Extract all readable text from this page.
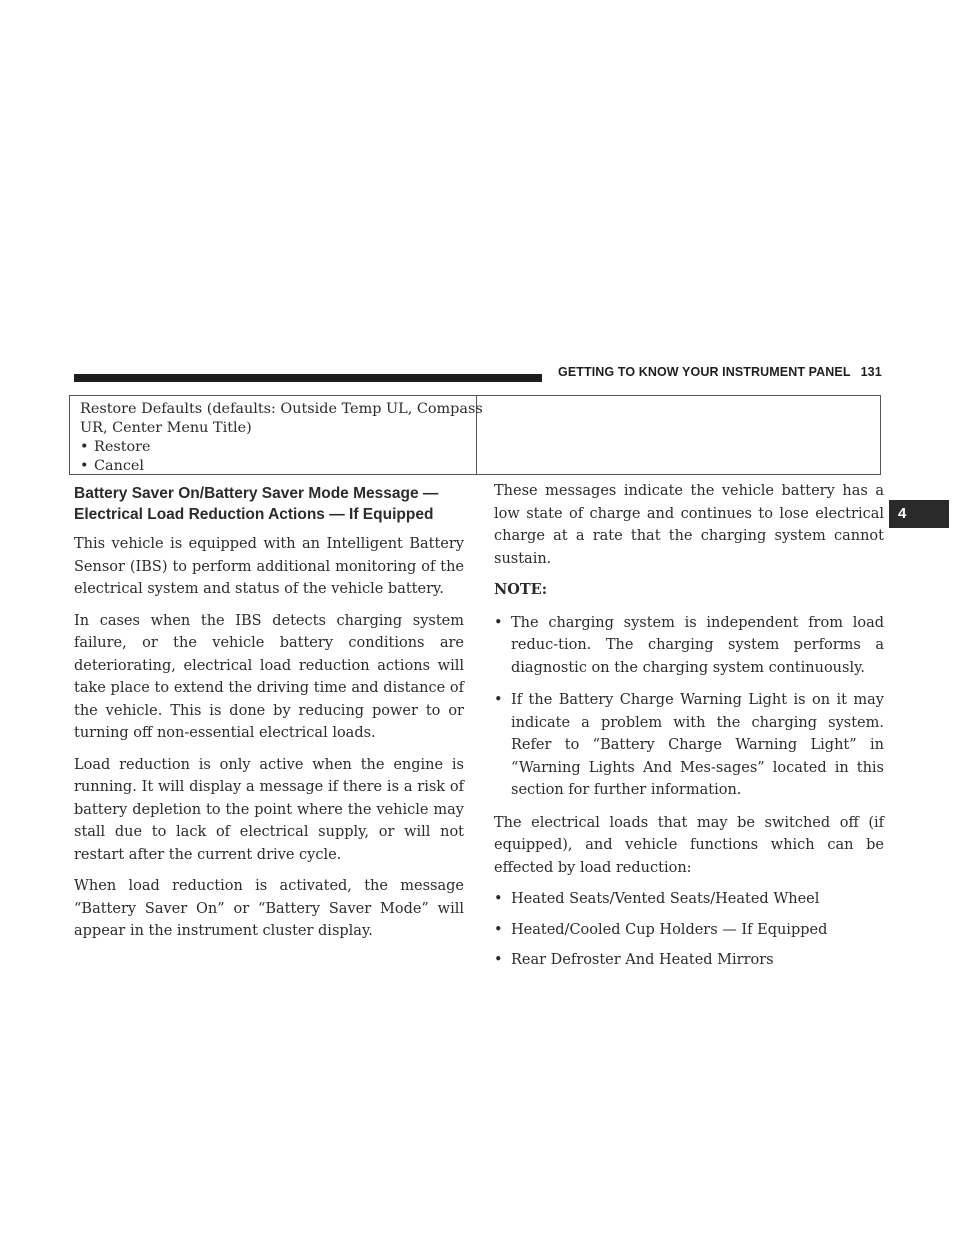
GETTING TO KNOW YOUR INSTRUMENT PANEL 131
4
Restore Defaults (defaults: Outside Temp UL, Compass
UR, Center Menu Title)
• Restore
• Cancel
Battery Saver On/Battery Saver Mode Message —
Electrical Load Reduction Actions — If Equipped

This vehicle is equipped with an Intelligent Battery Sensor (IBS) to perform additional monitoring of the electrical system and status of the vehicle battery.

In cases when the IBS detects charging system failure, or the vehicle battery conditions are deteriorating, electrical load reduction actions will take place to extend the driving time and distance of the vehicle. This is done by reducing power to or turning off non-essential electrical loads.

Load reduction is only active when the engine is running. It will display a message if there is a risk of battery depletion to the point where the vehicle may stall due to lack of electrical supply, or will not restart after the current drive cycle.

When load reduction is activated, the message “Battery Saver On” or “Battery Saver Mode” will appear in the instrument cluster display.

These messages indicate the vehicle battery has a low state of charge and continues to lose electrical charge at a rate that the charging system cannot sustain.

NOTE:

• The charging system is independent from load reduc-tion. The charging system performs a diagnostic on the charging system continuously.
• If the Battery Charge Warning Light is on it may indicate a problem with the charging system. Refer to “Battery Charge Warning Light” in “Warning Lights And Mes-sages” located in this section for further information.

The electrical loads that may be switched off (if equipped), and vehicle functions which can be effected by load reduction:

• Heated Seats/Vented Seats/Heated Wheel
• Heated/Cooled Cup Holders — If Equipped
• Rear Defroster And Heated Mirrors
